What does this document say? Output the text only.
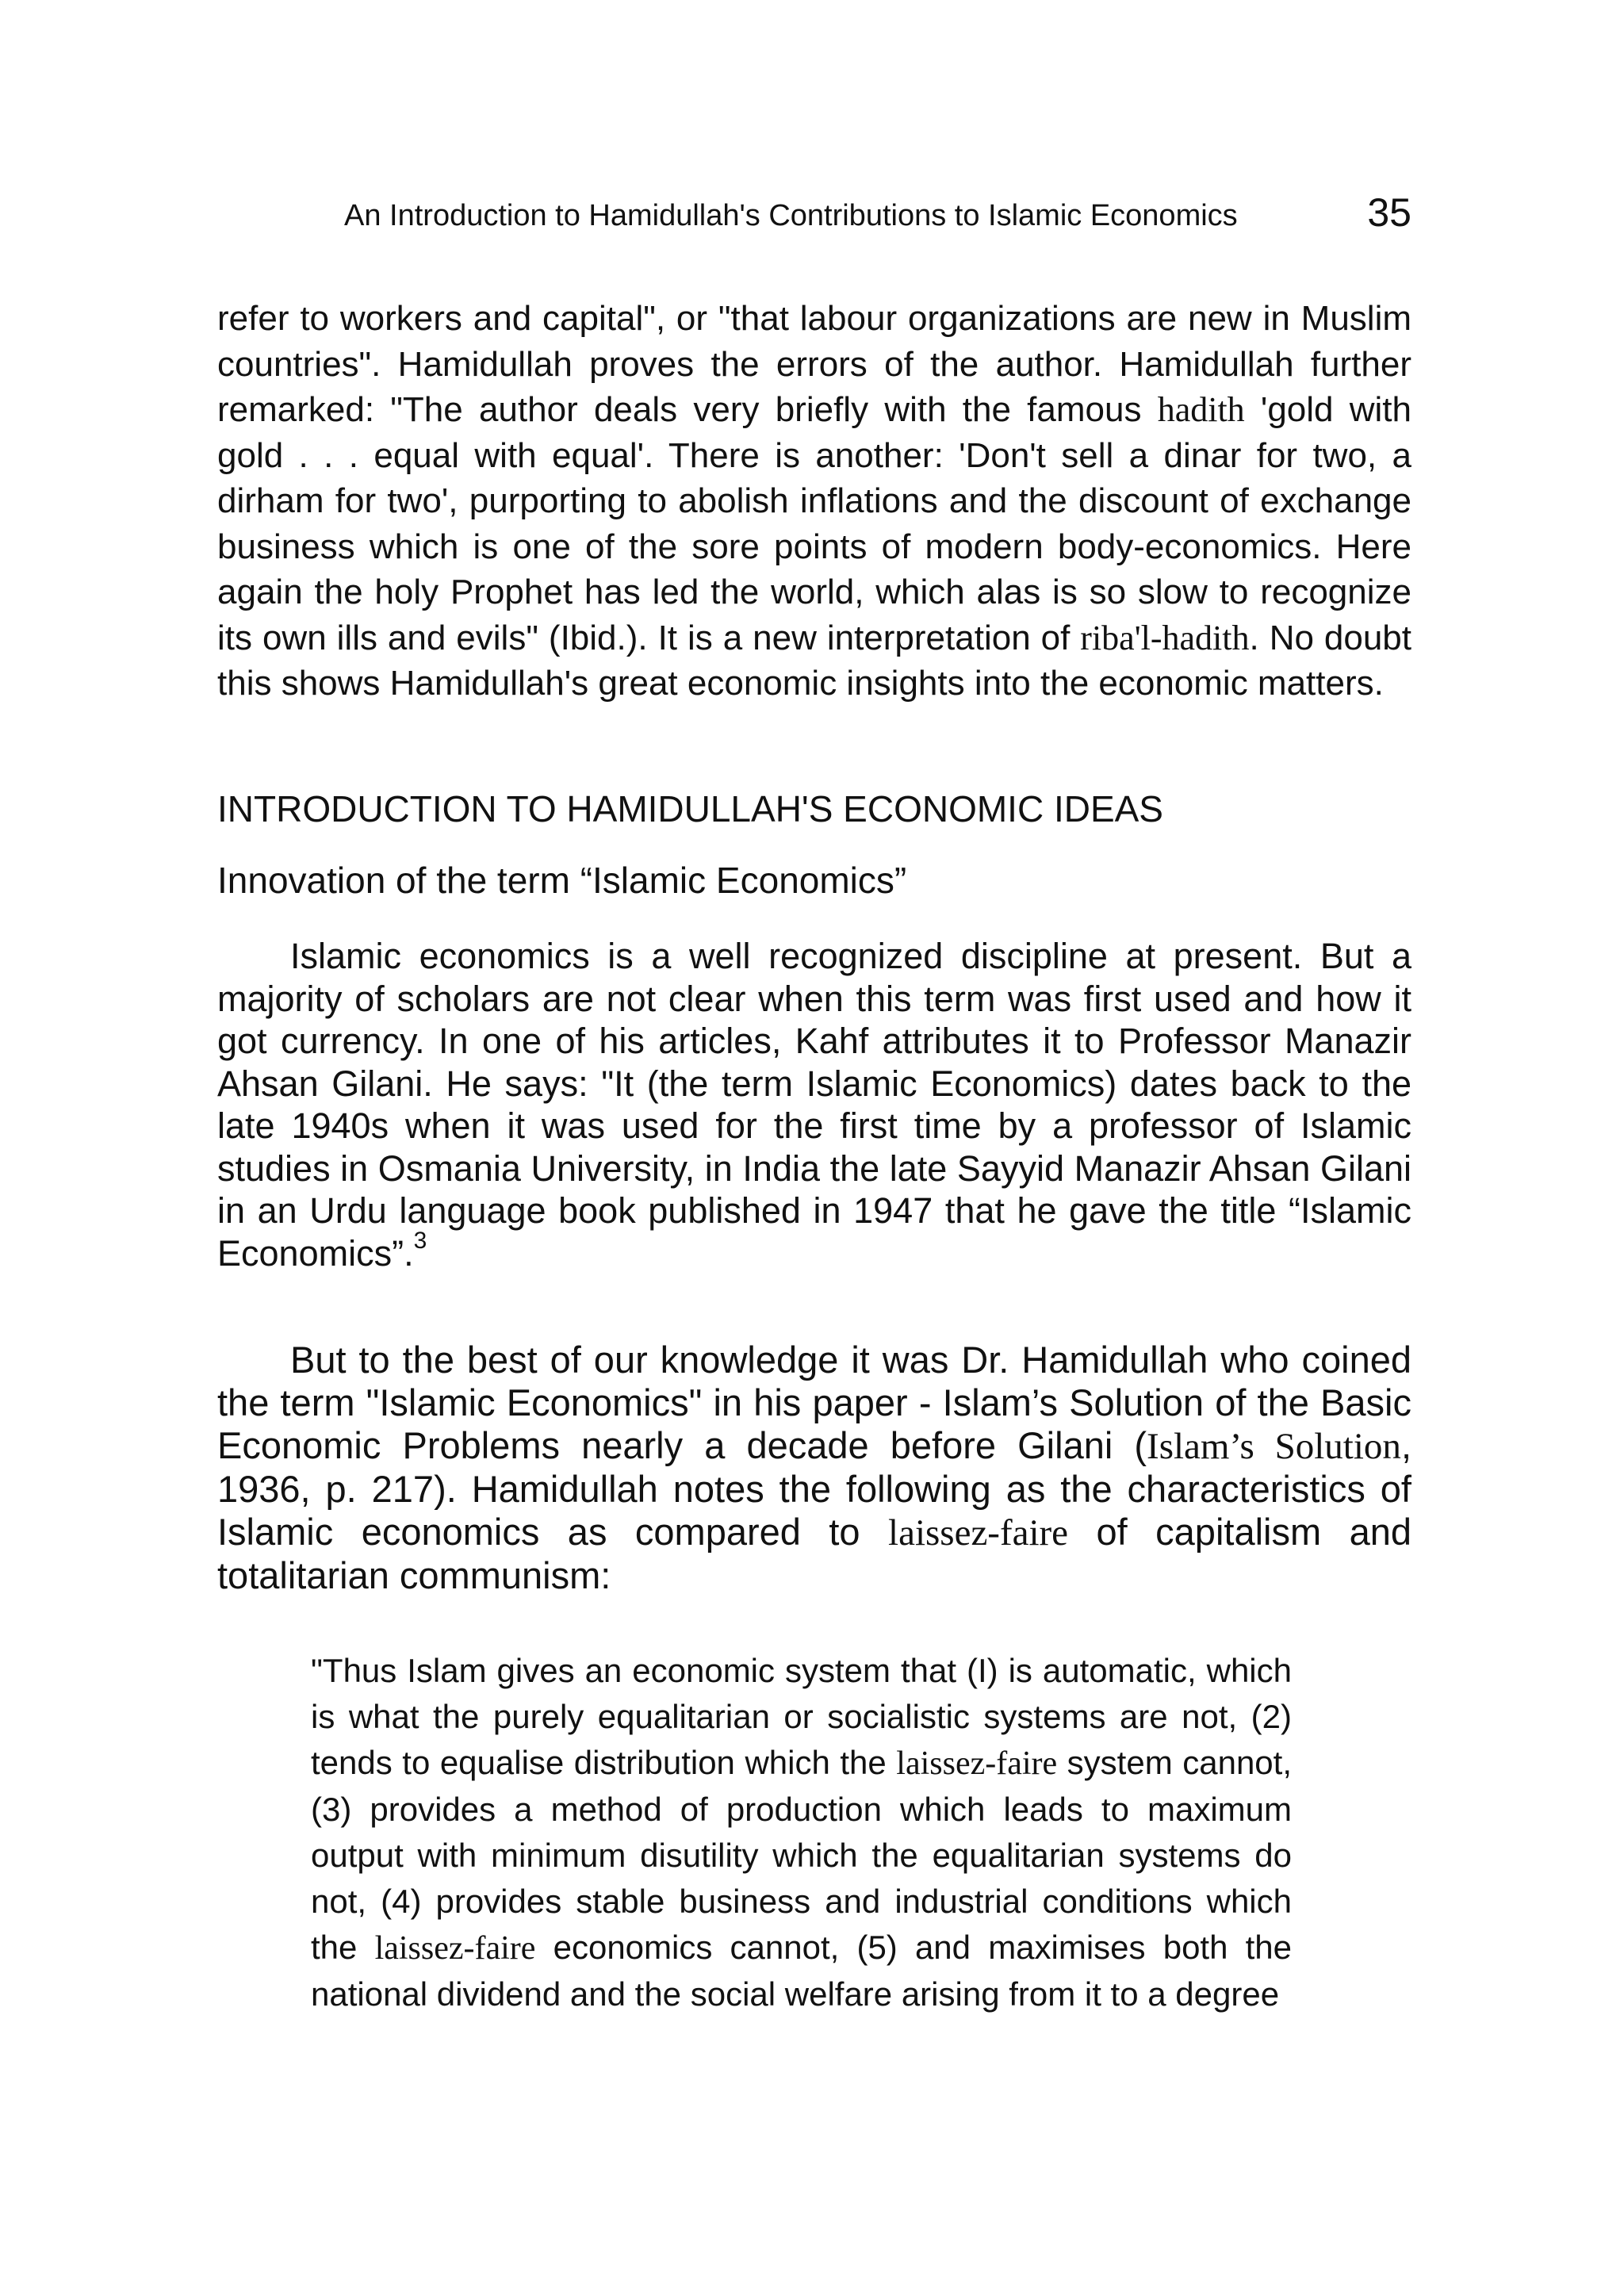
An Introduction to Hamidullah's Contributions to Islamic Economics	35

refer to workers and capital", or "that labour organizations are new in Muslim countries". Hamidullah proves the errors of the author. Hamidullah further remarked: "The author deals very briefly with the famous hadith 'gold with gold . . . equal with equal'. There is another: 'Don't sell a dinar for two, a dirham for two', purporting to abolish inflations and the discount of exchange business which is one of the sore points of modern body-economics. Here again the holy Prophet has led the world, which alas is so slow to recognize its own ills and evils" (Ibid.). It is a new interpretation of riba'l-hadith. No doubt this shows Hamidullah's great economic insights into the economic matters.

INTRODUCTION TO HAMIDULLAH'S ECONOMIC IDEAS
Innovation of the term “Islamic Economics”

Islamic economics is a well recognized discipline at present. But a majority of scholars are not clear when this term was first used and how it got currency. In one of his articles, Kahf attributes it to Professor Manazir Ahsan Gilani. He says: "It (the term Islamic Economics) dates back to the late 1940s when it was used for the first time by a professor of Islamic studies in Osmania University, in India the late Sayyid Manazir Ahsan Gilani in an Urdu language book published in 1947 that he gave the title “Islamic Economics”.$^3$

But to the best of our knowledge it was Dr. Hamidullah who coined the term "Islamic Economics" in his paper - Islam’s Solution of the Basic Economic Problems nearly a decade before Gilani (Islam’s Solution, 1936, p. 217). Hamidullah notes the following as the characteristics of Islamic economics as compared to laissez-faire of capitalism and totalitarian communism:

"Thus Islam gives an economic system that (I) is automatic, which is what the purely equalitarian or socialistic systems are not, (2) tends to equalise distribution which the laissez-faire system cannot, (3) provides a method of production which leads to maximum output with minimum disutility which the equalitarian systems do not, (4) provides stable business and industrial conditions which the laissez-faire economics cannot, (5) and maximises both the national dividend and the social welfare arising from it to a degree
